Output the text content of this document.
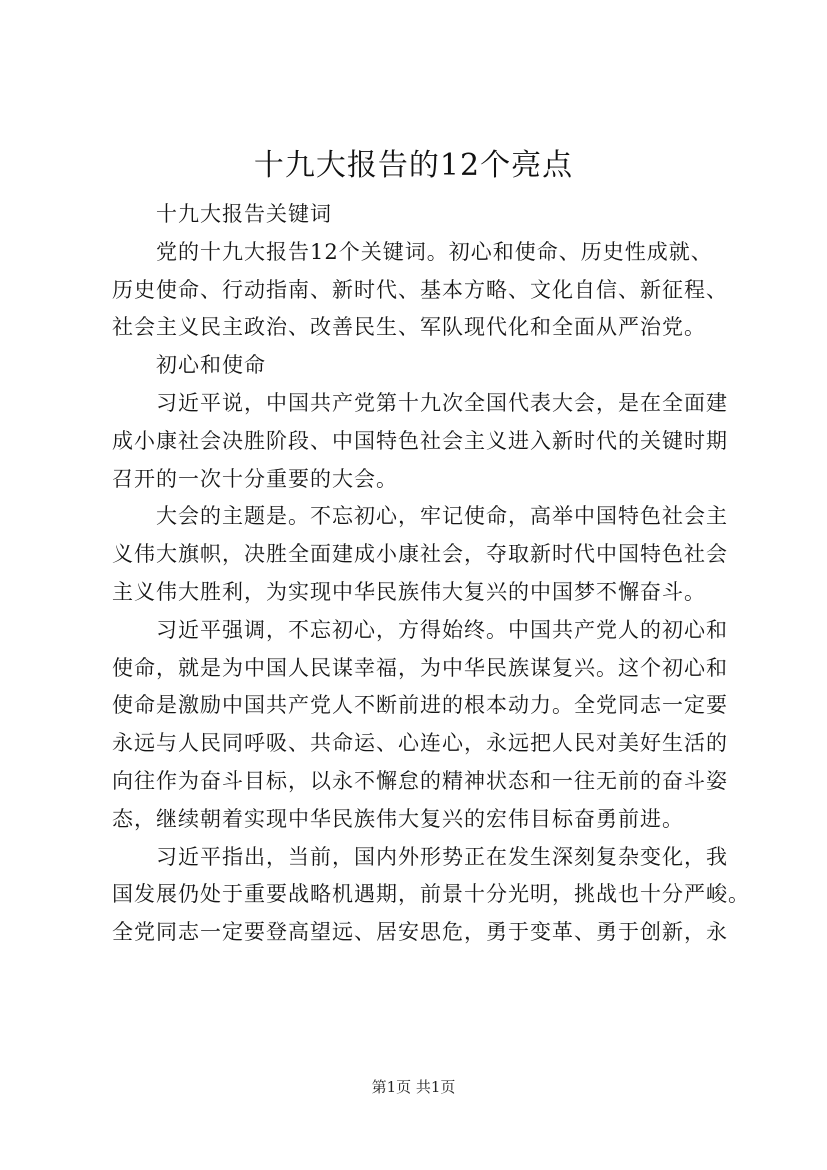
十九大报告的12个亮点
十九大报告关键词
党的十九大报告12个关键词。初心和使命、历史性成就、
历史使命、行动指南、新时代、基本方略、文化自信、新征程、
社会主义民主政治、改善民生、军队现代化和全面从严治党。
初心和使命
习近平说，中国共产党第十九次全国代表大会，是在全面建
成小康社会决胜阶段、中国特色社会主义进入新时代的关键时期
召开的一次十分重要的大会。
大会的主题是。不忘初心，牢记使命，高举中国特色社会主
义伟大旗帜，决胜全面建成小康社会，夺取新时代中国特色社会
主义伟大胜利，为实现中华民族伟大复兴的中国梦不懈奋斗。
习近平强调，不忘初心，方得始终。中国共产党人的初心和
使命，就是为中国人民谋幸福，为中华民族谋复兴。这个初心和
使命是激励中国共产党人不断前进的根本动力。全党同志一定要
永远与人民同呼吸、共命运、心连心，永远把人民对美好生活的
向往作为奋斗目标，以永不懈怠的精神状态和一往无前的奋斗姿
态，继续朝着实现中华民族伟大复兴的宏伟目标奋勇前进。
习近平指出，当前，国内外形势正在发生深刻复杂变化，我
国发展仍处于重要战略机遇期，前景十分光明，挑战也十分严峻。
全党同志一定要登高望远、居安思危，勇于变革、勇于创新，永
第1页 共1页
